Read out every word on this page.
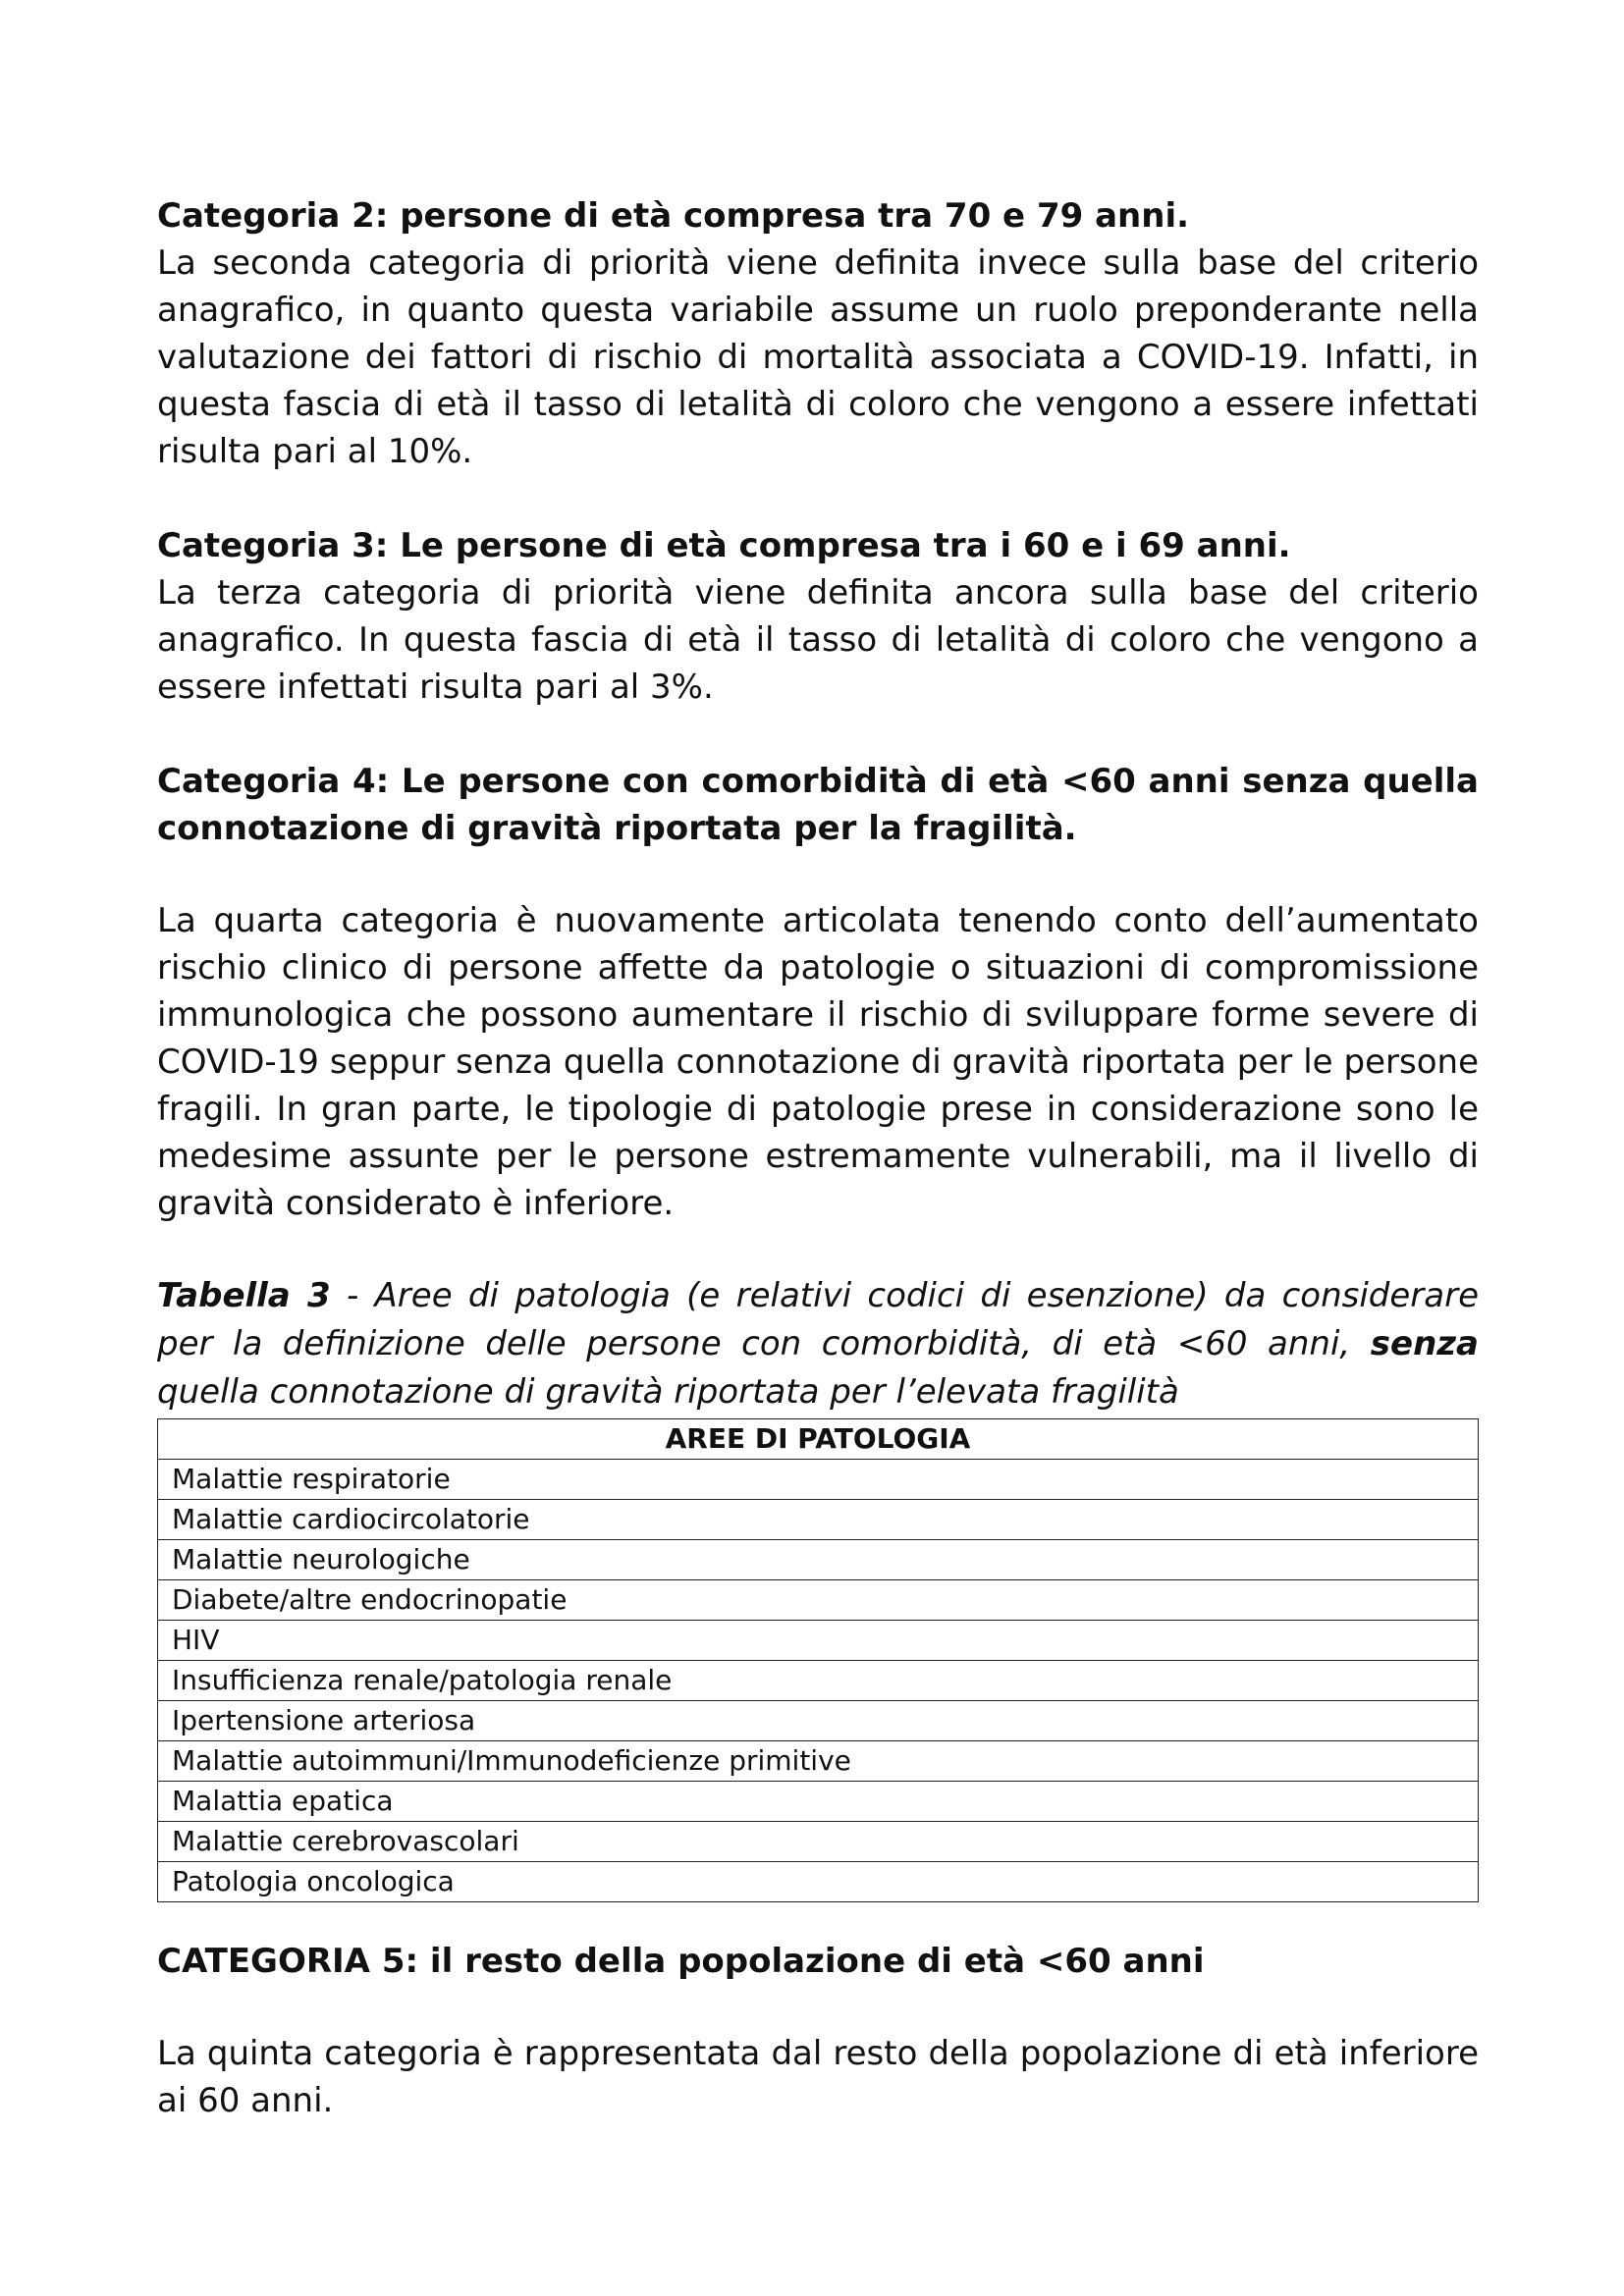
Categoria 2: persone di età compresa tra 70 e 79 anni.

La seconda categoria di priorità viene definita invece sulla base del criterio anagrafico, in quanto questa variabile assume un ruolo preponderante nella valutazione dei fattori di rischio di mortalità associata a COVID-19. Infatti, in questa fascia di età il tasso di letalità di coloro che vengono a essere infettati risulta pari al 10%.

Categoria 3: Le persone di età compresa tra i 60 e i 69 anni.

La terza categoria di priorità viene definita ancora sulla base del criterio anagrafico. In questa fascia di età il tasso di letalità di coloro che vengono a essere infettati risulta pari al 3%.

Categoria 4: Le persone con comorbidità di età <60 anni senza quella connotazione di gravità riportata per la fragilità.

La quarta categoria è nuovamente articolata tenendo conto dell’aumentato rischio clinico di persone affette da patologie o situazioni di compromissione immunologica che possono aumentare il rischio di sviluppare forme severe di COVID-19 seppur senza quella connotazione di gravità riportata per le persone fragili. In gran parte, le tipologie di patologie prese in considerazione sono le medesime assunte per le persone estremamente vulnerabili, ma il livello di gravità considerato è inferiore.

Tabella 3 - Aree di patologia (e relativi codici di esenzione) da considerare per la definizione delle persone con comorbidità, di età <60 anni, senza quella connotazione di gravità riportata per l’elevata fragilità

AREE DI PATOLOGIA
Malattie respiratorie
Malattie cardiocircolatorie
Malattie neurologiche
Diabete/altre endocrinopatie
HIV
Insufficienza renale/patologia renale
Ipertensione arteriosa
Malattie autoimmuni/Immunodeficienze primitive
Malattia epatica
Malattie cerebrovascolari
Patologia oncologica

CATEGORIA 5: il resto della popolazione di età <60 anni

La quinta categoria è rappresentata dal resto della popolazione di età inferiore ai 60 anni.
